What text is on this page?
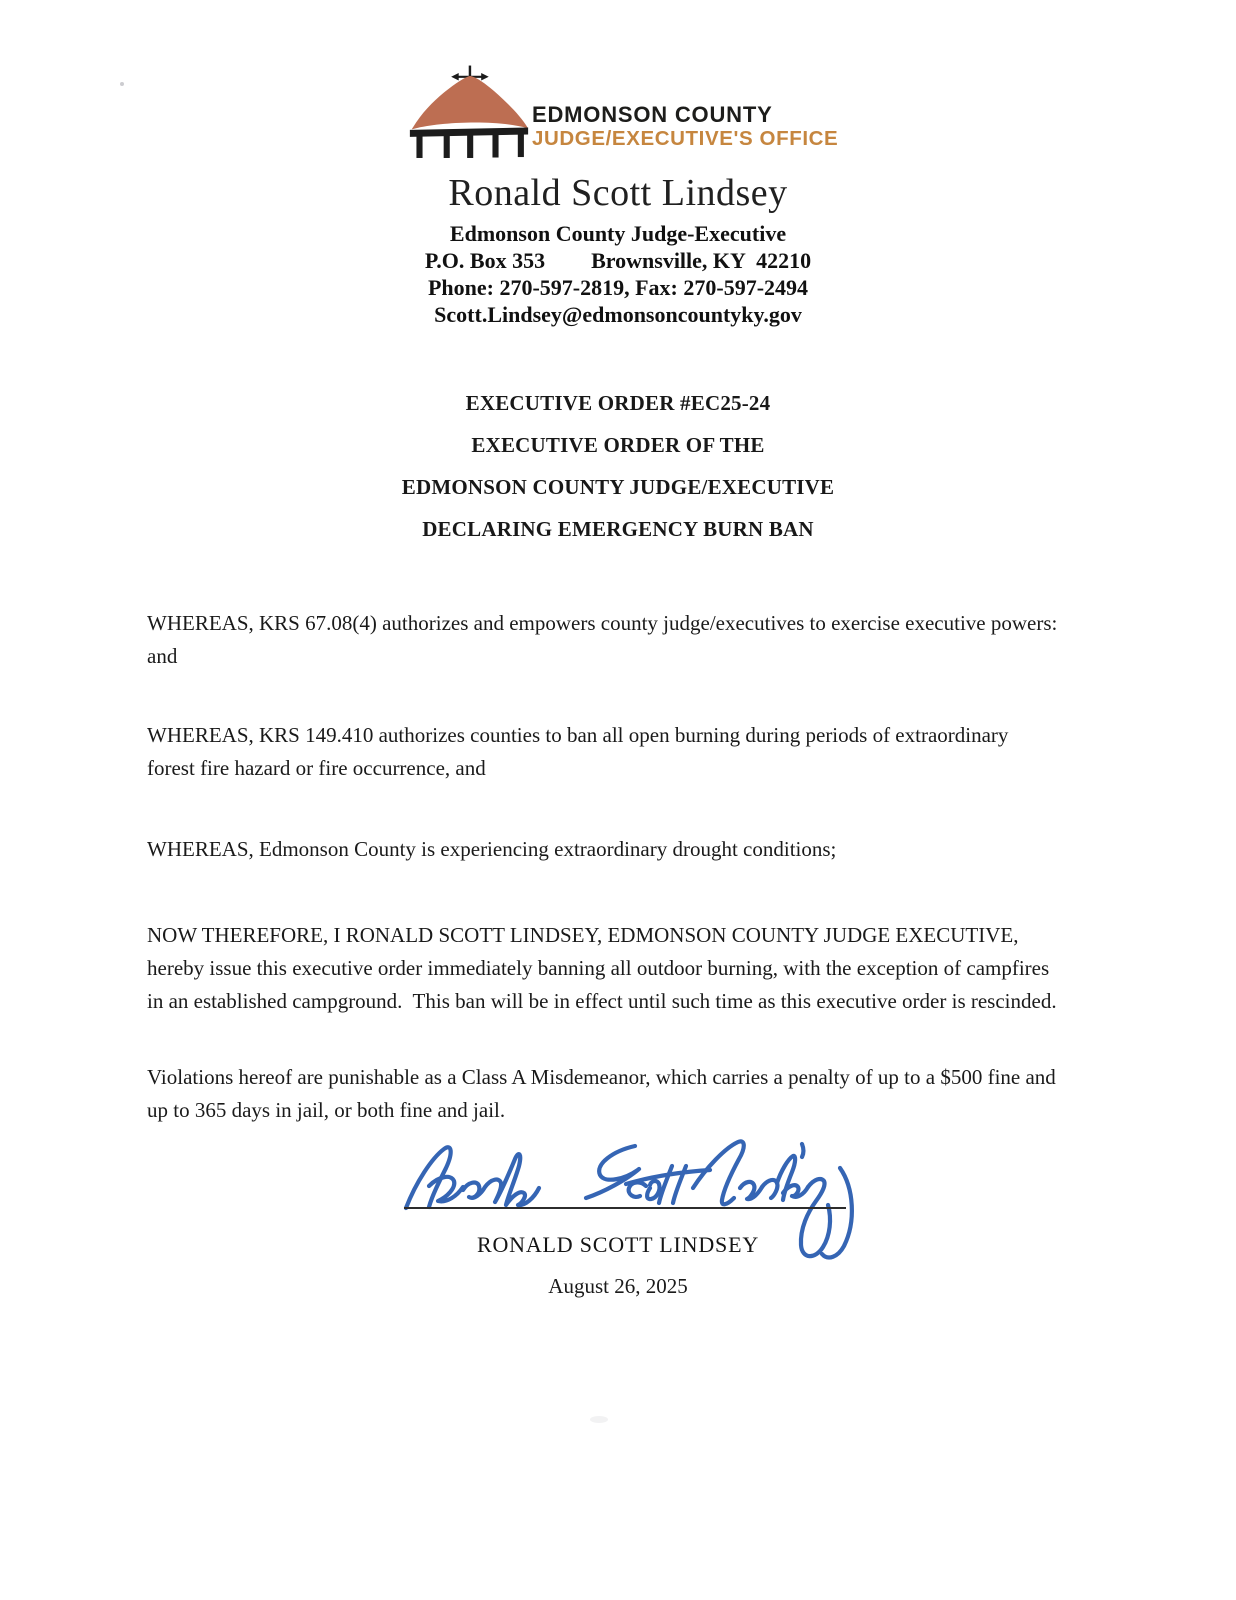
EDMONSON COUNTY
JUDGE/EXECUTIVE'S OFFICE
Ronald Scott Lindsey
Edmonson County Judge-Executive
P.O. Box 353 Brownsville, KY  42210
Phone: 270-597-2819, Fax: 270-597-2494
Scott.Lindsey@edmonsoncountyky.gov
EXECUTIVE ORDER #EC25-24
EXECUTIVE ORDER OF THE
EDMONSON COUNTY JUDGE/EXECUTIVE
DECLARING EMERGENCY BURN BAN
WHEREAS, KRS 67.08(4) authorizes and empowers county judge/executives to exercise executive powers:
and
WHEREAS, KRS 149.410 authorizes counties to ban all open burning during periods of extraordinary
forest fire hazard or fire occurrence, and
WHEREAS, Edmonson County is experiencing extraordinary drought conditions;
NOW THEREFORE, I RONALD SCOTT LINDSEY, EDMONSON COUNTY JUDGE EXECUTIVE,
hereby issue this executive order immediately banning all outdoor burning, with the exception of campfires
in an established campground.  This ban will be in effect until such time as this executive order is rescinded.
Violations hereof are punishable as a Class A Misdemeanor, which carries a penalty of up to a $500 fine and
up to 365 days in jail, or both fine and jail.
RONALD SCOTT LINDSEY
August 26, 2025
